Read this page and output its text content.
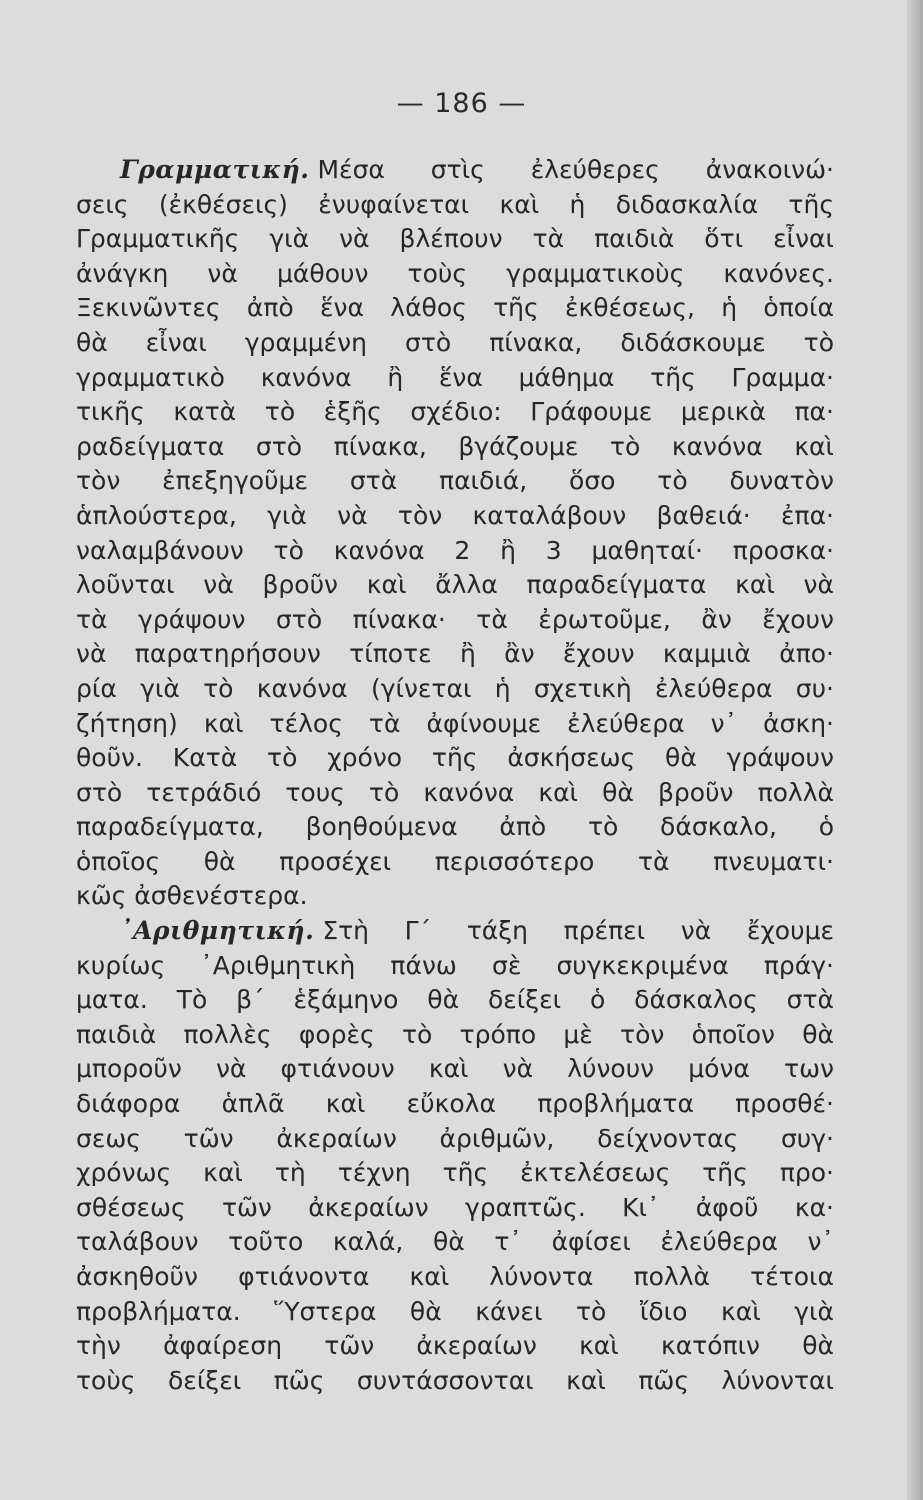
— 186 —
Γραμματική. Μέσα στὶς ἐλεύθερες ἀνακοινώ·
σεις (ἐκθέσεις) ἐνυφαίνεται καὶ ἡ διδασκαλία τῆς
Γραμματικῆς γιὰ νὰ βλέπουν τὰ παιδιὰ ὅτι εἶναι
ἀνάγκη νὰ μάθουν τοὺς γραμματικοὺς κανόνες.
Ξεκινῶντες ἀπὸ ἕνα λάθος τῆς ἐκθέσεως, ἡ ὁποία
θὰ εἶναι γραμμένη στὸ πίνακα, διδάσκουμε τὸ
γραμματικὸ κανόνα ἢ ἕνα μάθημα τῆς Γραμμα·
τικῆς κατὰ τὸ ἑξῆς σχέδιο: Γράφουμε μερικὰ πα·
ραδείγματα στὸ πίνακα, βγάζουμε τὸ κανόνα καὶ
τὸν ἐπεξηγοῦμε στὰ παιδιά, ὅσο τὸ δυνατὸν
ἁπλούστερα, γιὰ νὰ τὸν καταλάβουν βαθειά· ἐπα·
ναλαμβάνουν τὸ κανόνα 2 ἢ 3 μαθηταί· προσκα·
λοῦνται νὰ βροῦν καὶ ἄλλα παραδείγματα καὶ νὰ
τὰ γράψουν στὸ πίνακα· τὰ ἐρωτοῦμε, ἂν ἔχουν
νὰ παρατηρήσουν τίποτε ἢ ἂν ἔχουν καμμιὰ ἀπο·
ρία γιὰ τὸ κανόνα (γίνεται ἡ σχετικὴ ἐλεύθερα συ·
ζήτηση) καὶ τέλος τὰ ἀφίνουμε ἐλεύθερα ν᾽ ἀσκη·
θοῦν. Κατὰ τὸ χρόνο τῆς ἀσκήσεως θὰ γράψουν
στὸ τετράδιό τους τὸ κανόνα καὶ θὰ βροῦν πολλὰ
παραδείγματα, βοηθούμενα ἀπὸ τὸ δάσκαλο, ὁ
ὁποῖος θὰ προσέχει περισσότερο τὰ πνευματι·
κῶς ἀσθενέστερα.
᾽Αριθμητική. Στὴ Γ΄ τάξη πρέπει νὰ ἔχουμε
κυρίως ᾽Αριθμητικὴ πάνω σὲ συγκεκριμένα πράγ·
ματα. Τὸ β΄ ἑξάμηνο θὰ δείξει ὁ δάσκαλος στὰ
παιδιὰ πολλὲς φορὲς τὸ τρόπο μὲ τὸν ὁποῖον θὰ
μποροῦν νὰ φτιάνουν καὶ νὰ λύνουν μόνα των
διάφορα ἁπλᾶ καὶ εὔκολα προβλήματα προσθέ·
σεως τῶν ἀκεραίων ἀριθμῶν, δείχνοντας συγ·
χρόνως καὶ τὴ τέχνη τῆς ἐκτελέσεως τῆς προ·
σθέσεως τῶν ἀκεραίων γραπτῶς. Κι᾽ ἀφοῦ κα·
ταλάβουν τοῦτο καλά, θὰ τ᾽ ἀφίσει ἐλεύθερα ν᾽
ἀσκηθοῦν φτιάνοντα καὶ λύνοντα πολλὰ τέτοια
προβλήματα. Ὕστερα θὰ κάνει τὸ ἴδιο καὶ γιὰ
τὴν ἀφαίρεση τῶν ἀκεραίων καὶ κατόπιν θὰ
τοὺς δείξει πῶς συντάσσονται καὶ πῶς λύνονται
